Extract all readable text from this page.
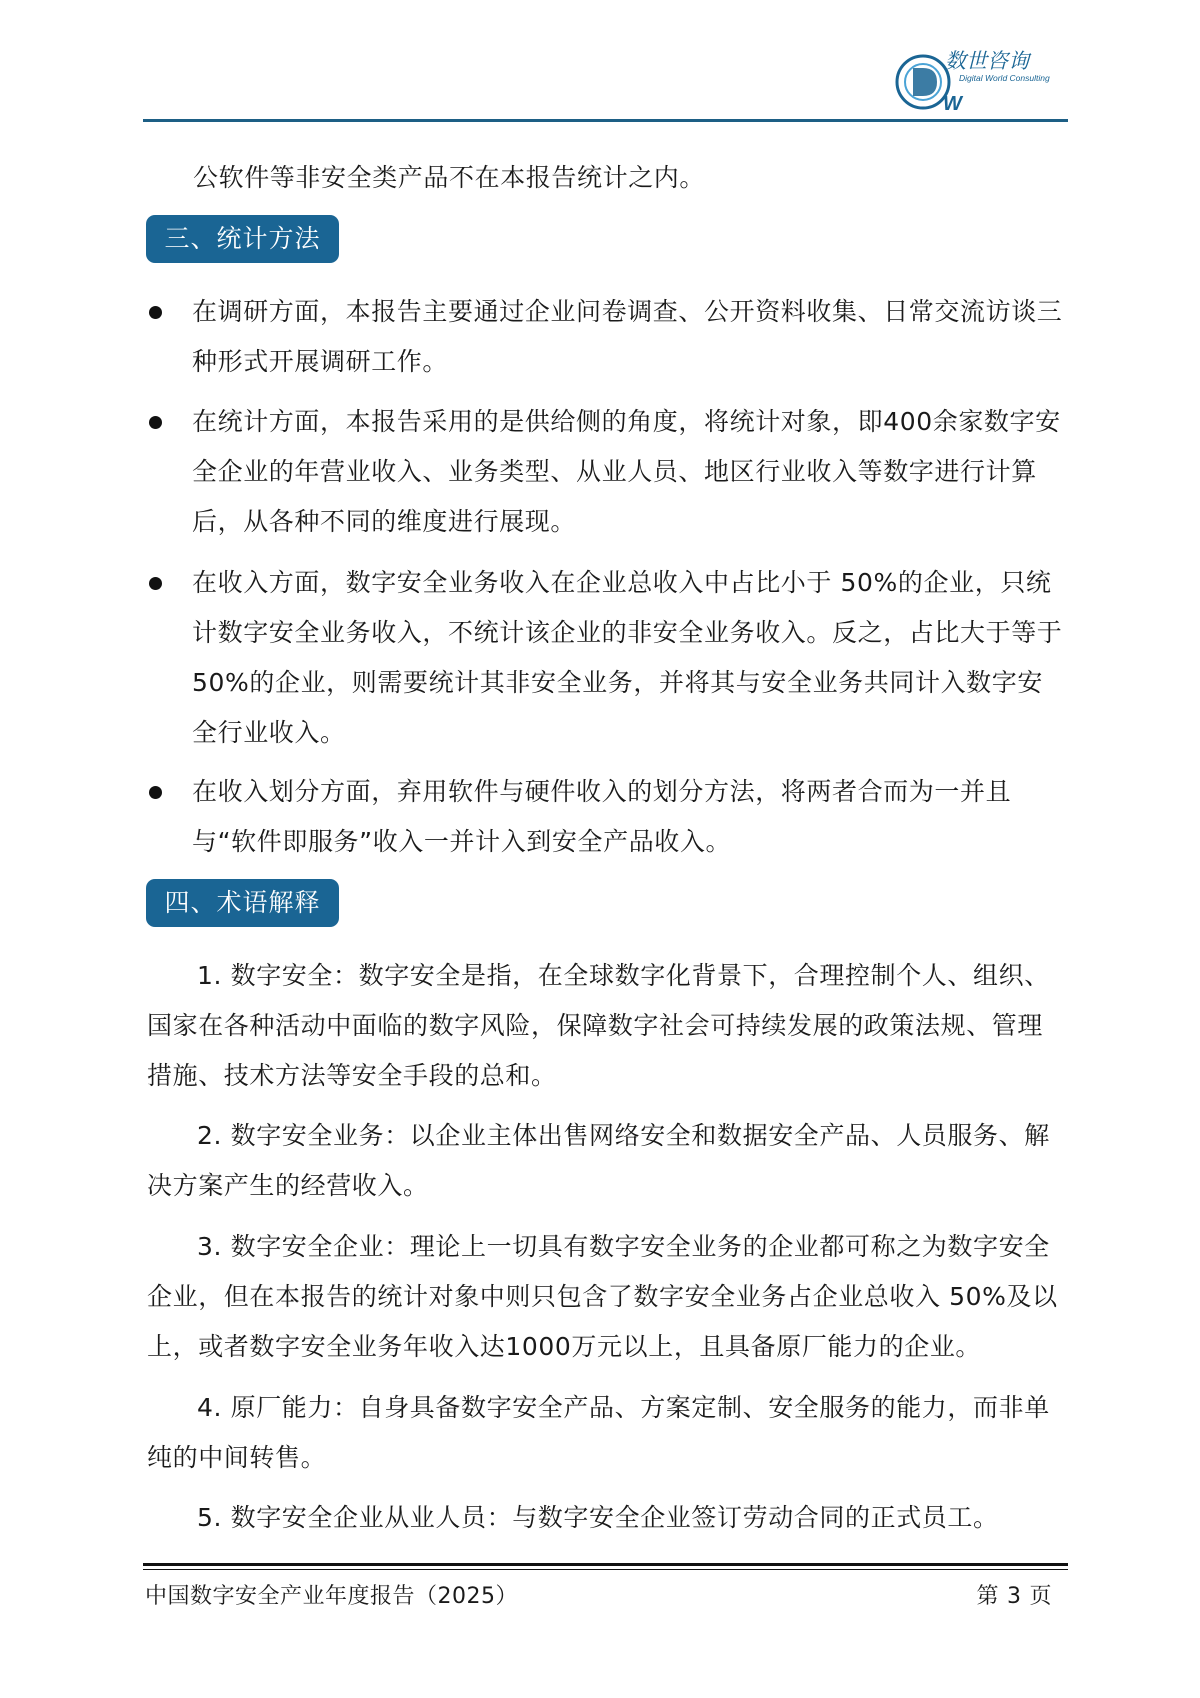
W
数世咨询
Digital World Consulting

公软件等非安全类产品不在本报告统计之内。

三、统计方法

在调研方面，本报告主要通过企业问卷调查、公开资料收集、日常交流访谈三种形式开展调研工作。

在统计方面，本报告采用的是供给侧的角度，将统计对象，即400余家数字安全企业的年营业收入、业务类型、从业人员、地区行业收入等数字进行计算后，从各种不同的维度进行展现。

在收入方面，数字安全业务收入在企业总收入中占比小于 50%的企业，只统计数字安全业务收入，不统计该企业的非安全业务收入。反之，占比大于等于 50%的企业，则需要统计其非安全业务，并将其与安全业务共同计入数字安全行业收入。

在收入划分方面，弃用软件与硬件收入的划分方法，将两者合而为一并且与“软件即服务”收入一并计入到安全产品收入。

四、术语解释

1. 数字安全：数字安全是指，在全球数字化背景下，合理控制个人、组织、国家在各种活动中面临的数字风险，保障数字社会可持续发展的政策法规、管理措施、技术方法等安全手段的总和。

2. 数字安全业务：以企业主体出售网络安全和数据安全产品、人员服务、解决方案产生的经营收入。

3. 数字安全企业：理论上一切具有数字安全业务的企业都可称之为数字安全企业，但在本报告的统计对象中则只包含了数字安全业务占企业总收入 50%及以上，或者数字安全业务年收入达1000万元以上，且具备原厂能力的企业。

4. 原厂能力：自身具备数字安全产品、方案定制、安全服务的能力，而非单纯的中间转售。

5. 数字安全企业从业人员：与数字安全企业签订劳动合同的正式员工。

中国数字安全产业年度报告（2025）	第 3 页
